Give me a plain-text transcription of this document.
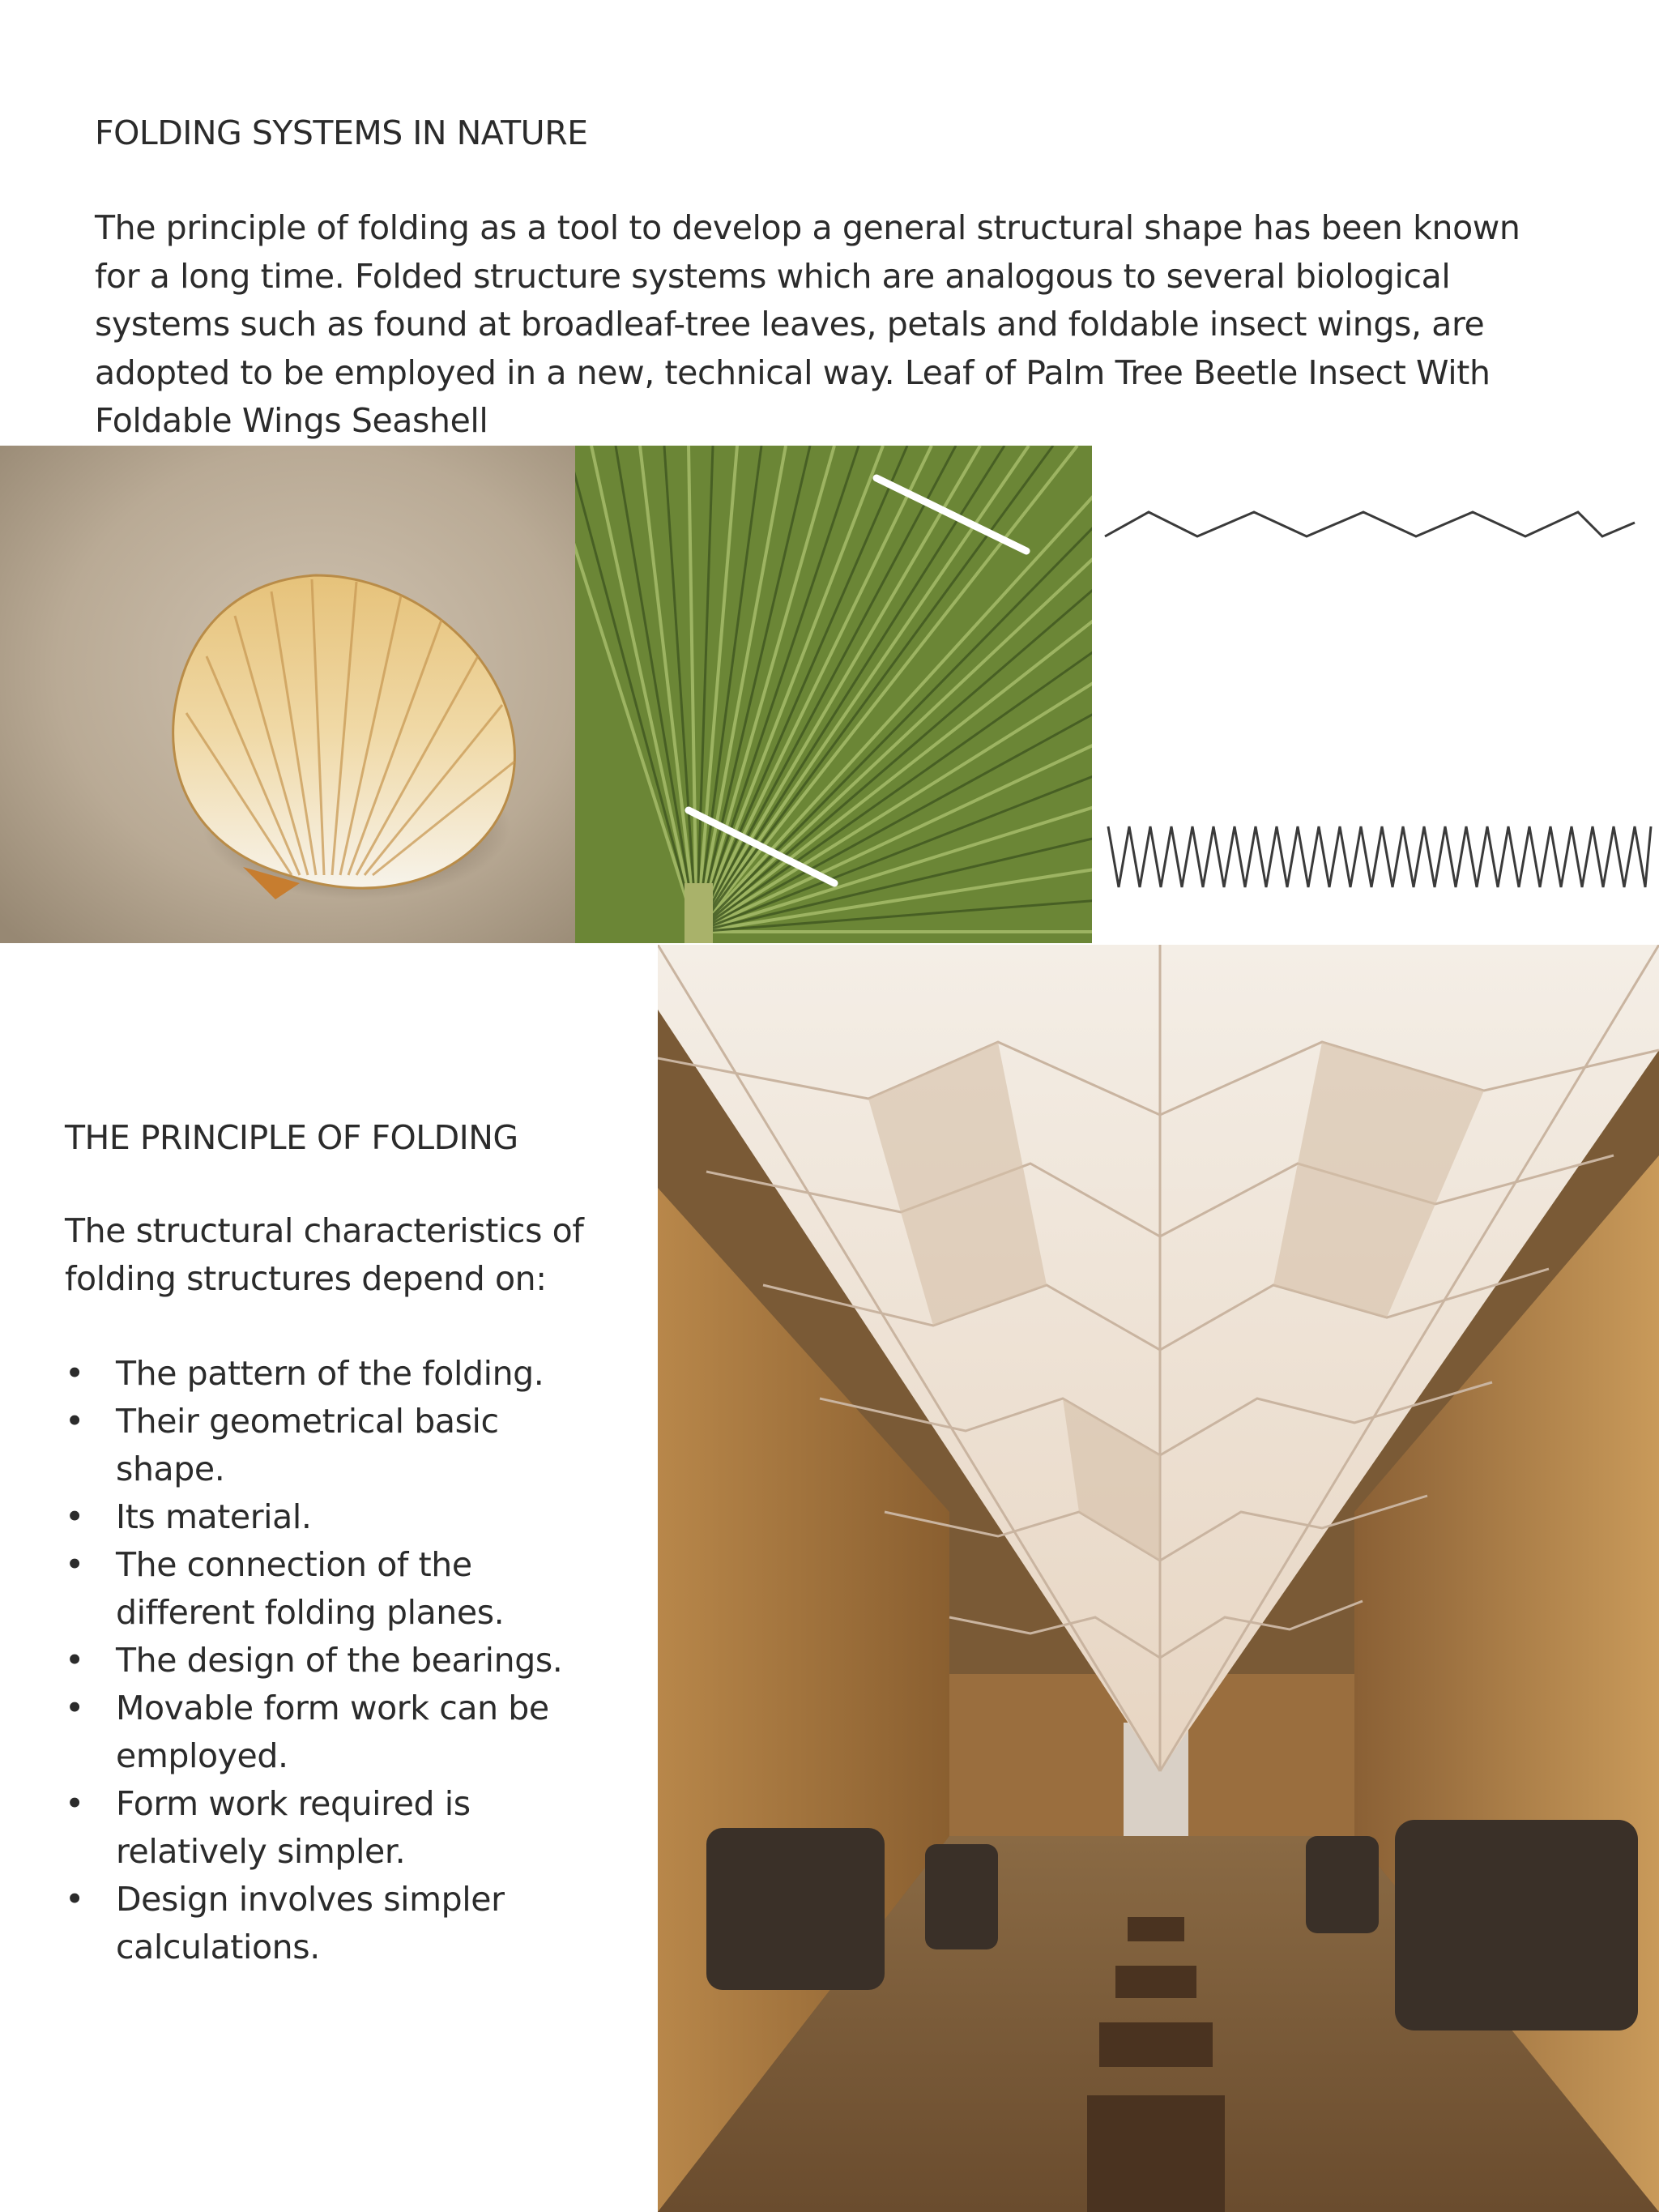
FOLDING SYSTEMS IN NATURE

The principle of folding as a tool to develop a general structural shape has been known for a long time. Folded structure systems which are analogous to several biological systems such as found at broadleaf-tree leaves, petals and foldable insect wings, are adopted to be employed in a new, technical way. Leaf of Palm Tree Beetle Insect With Foldable Wings Seashell

THE PRINCIPLE OF FOLDING

The structural characteristics of folding structures depend on:

• The pattern of the folding.
• Their geometrical basic shape.
• Its material.
• The connection of the different folding planes.
• The design of the bearings.
• Movable form work can be employed.
• Form work required is relatively simpler.
• Design involves simpler calculations.
